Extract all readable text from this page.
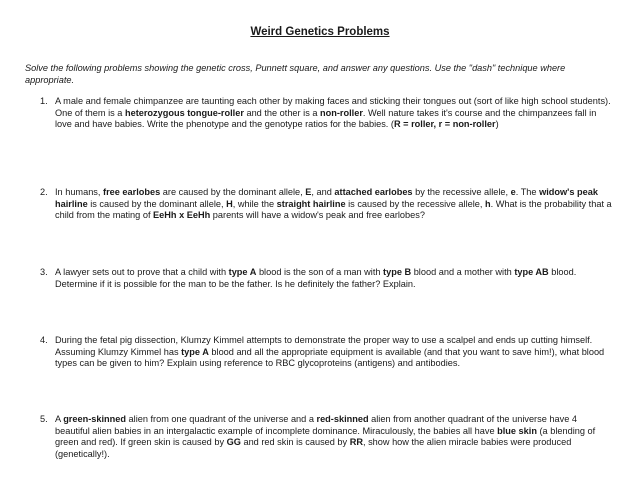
Weird Genetics Problems
Solve the following problems showing the genetic cross, Punnett square, and answer any questions. Use the "dash" technique where appropriate.
1. A male and female chimpanzee are taunting each other by making faces and sticking their tongues out (sort of like high school students). One of them is a heterozygous tongue-roller and the other is a non-roller. Well nature takes it's course and the chimpanzees fall in love and have babies. Write the phenotype and the genotype ratios for the babies. (R = roller, r = non-roller)
2. In humans, free earlobes are caused by the dominant allele, E, and attached earlobes by the recessive allele, e. The widow's peak hairline is caused by the dominant allele, H, while the straight hairline is caused by the recessive allele, h. What is the probability that a child from the mating of EeHh x EeHh parents will have a widow's peak and free earlobes?
3. A lawyer sets out to prove that a child with type A blood is the son of a man with type B blood and a mother with type AB blood. Determine if it is possible for the man to be the father. Is he definitely the father? Explain.
4. During the fetal pig dissection, Klumzy Kimmel attempts to demonstrate the proper way to use a scalpel and ends up cutting himself. Assuming Klumzy Kimmel has type A blood and all the appropriate equipment is available (and that you want to save him!), what blood types can be given to him? Explain using reference to RBC glycoproteins (antigens) and antibodies.
5. A green-skinned alien from one quadrant of the universe and a red-skinned alien from another quadrant of the universe have 4 beautiful alien babies in an intergalactic example of incomplete dominance. Miraculously, the babies all have blue skin (a blending of green and red). If green skin is caused by GG and red skin is caused by RR, show how the alien miracle babies were produced (genetically!).
